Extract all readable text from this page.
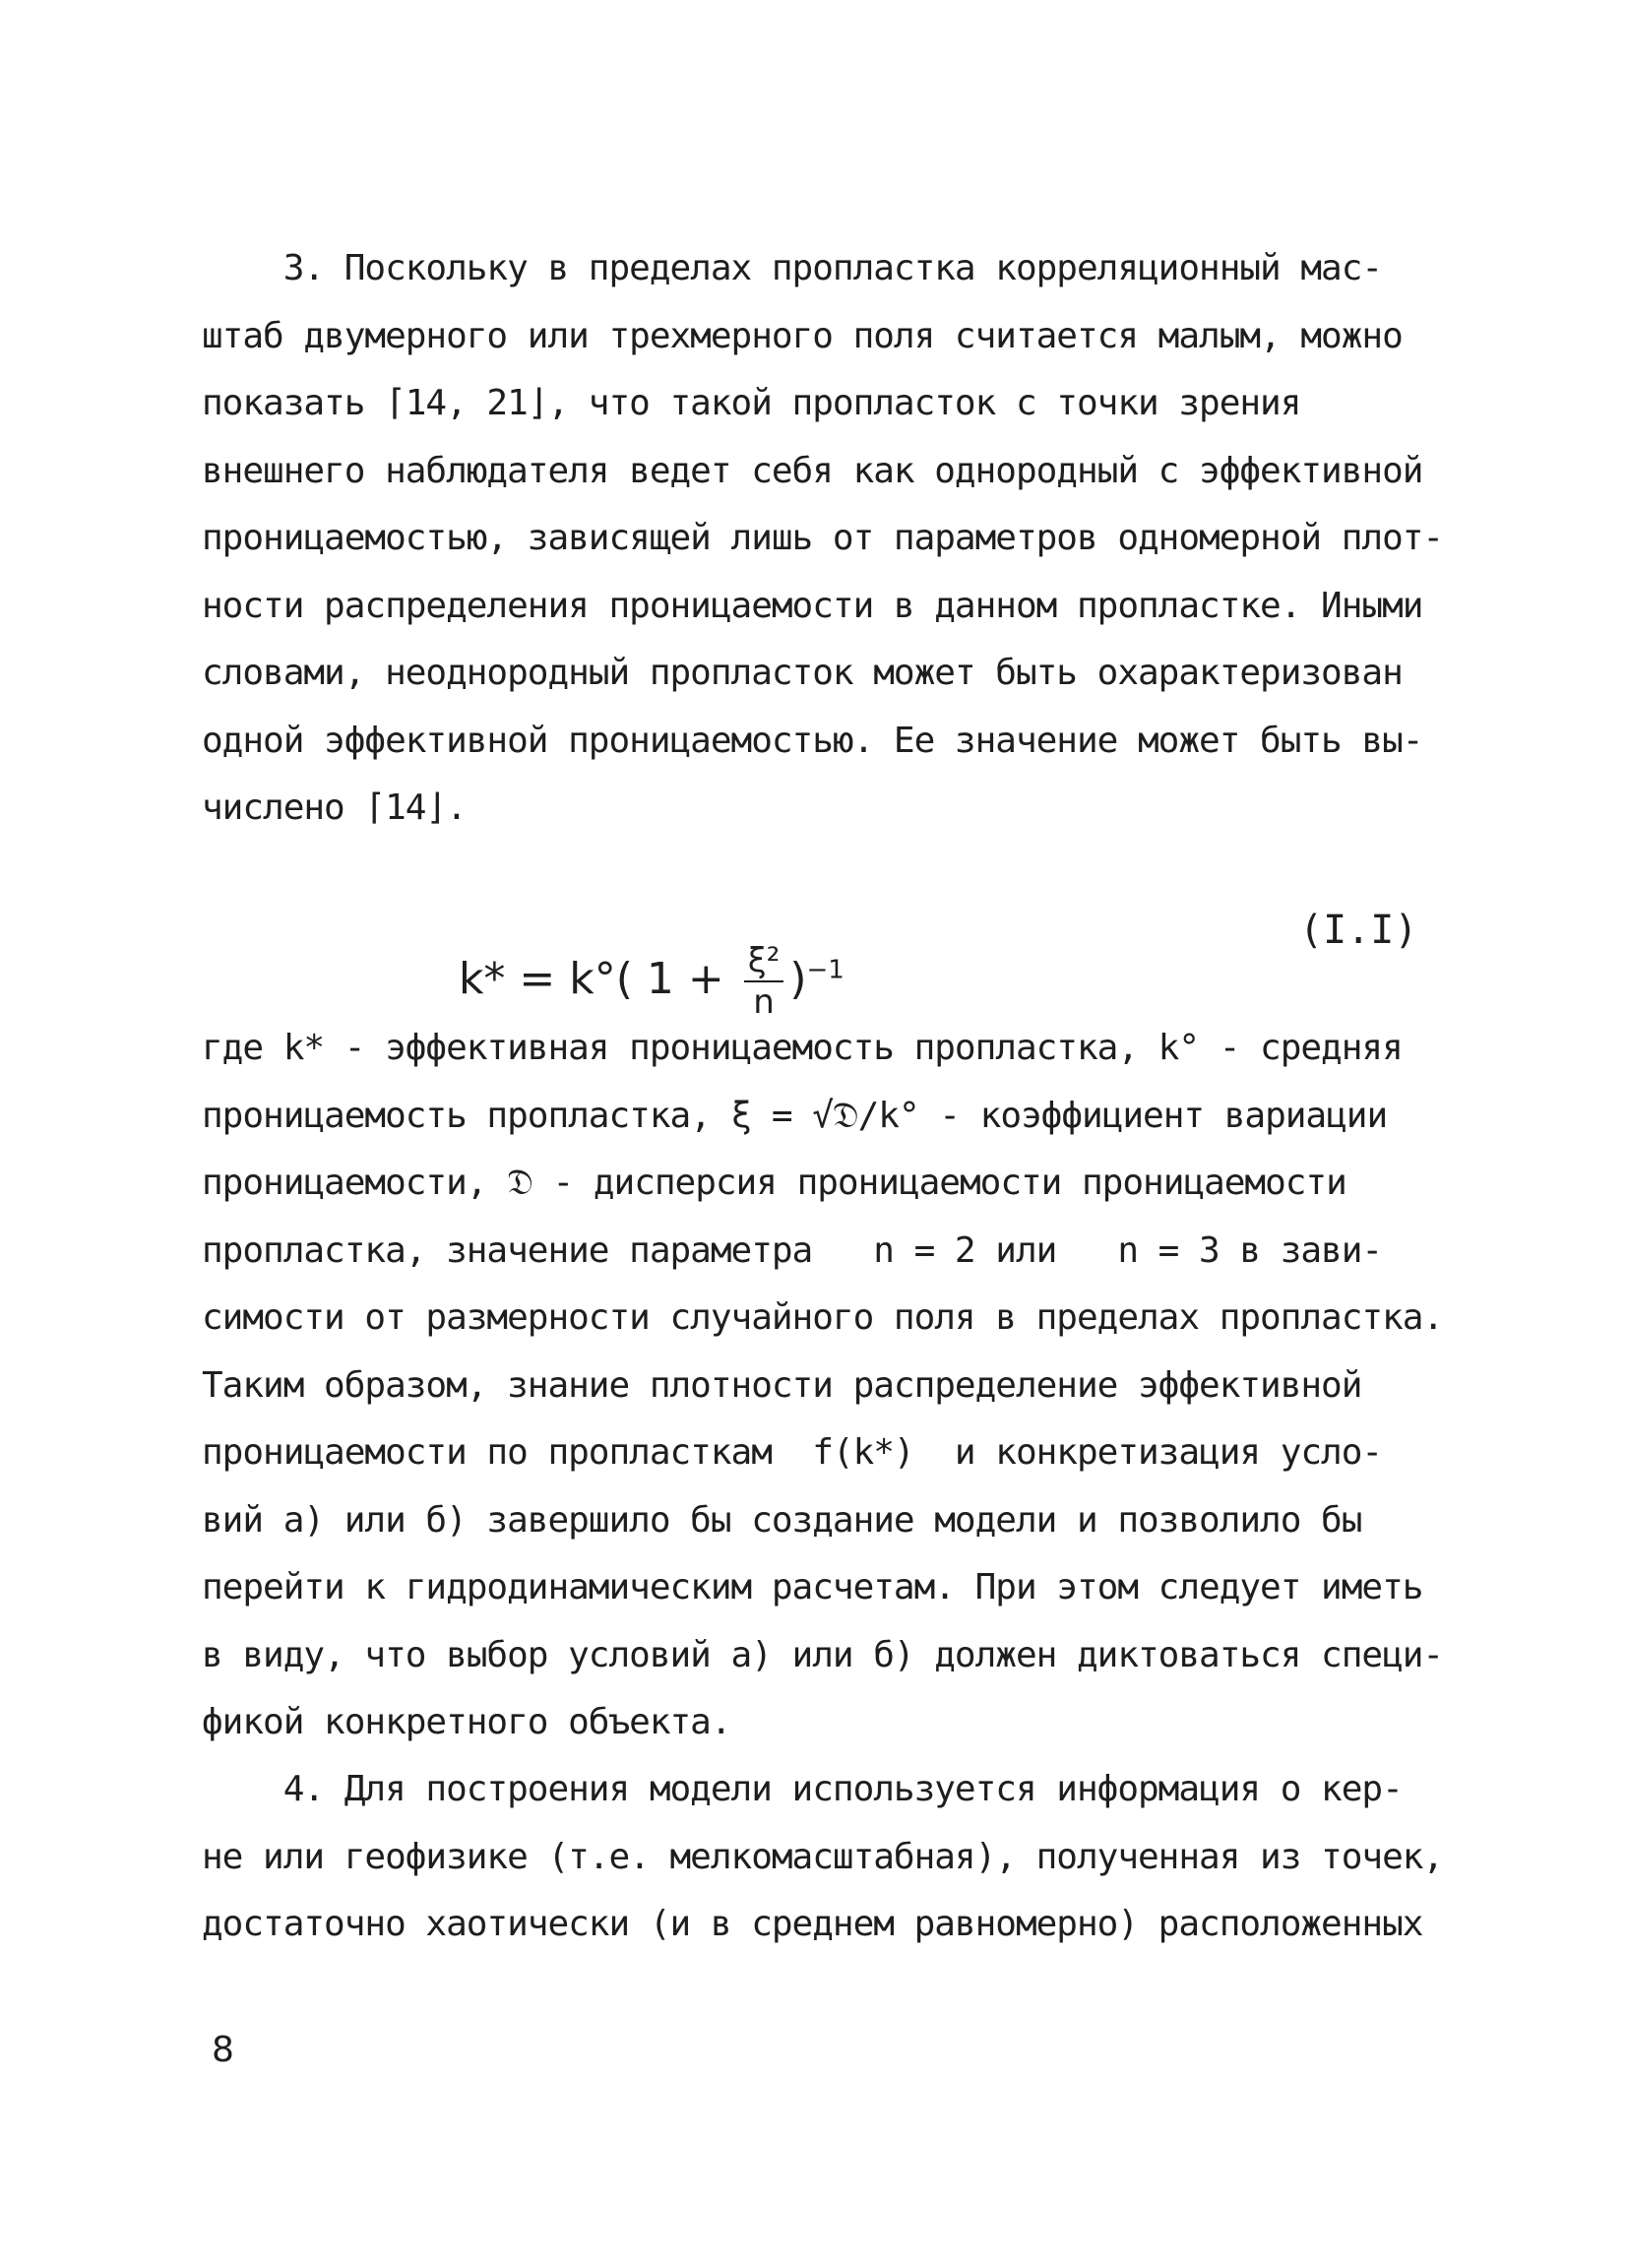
3. Поскольку в пределах пропластка корреляционный мас-
штаб двумерного или трехмерного поля считается малым, можно
показать ⌈14, 21⌋, что такой пропласток с точки зрения
внешнего наблюдателя ведет себя как однородный с эффективной
проницаемостью, зависящей лишь от параметров одномерной плот-
ности распределения проницаемости в данном пропластке. Иными
словами, неоднородный пропласток может быть охарактеризован
одной эффективной проницаемостью. Ее значение может быть вы-
числено ⌈14⌋.

k* = k°( $1 + \frac{\text{ξ²}}{n} )^{-1}$

(I.I)
где k* - эффективная проницаемость пропластка, k° - средняя
проницаемость пропластка, ξ = √𝔇/k° - коэффициент вариации
проницаемости, 𝔇 - дисперсия проницаемости проницаемости
пропластка, значение параметра   n = 2 или   n = 3 в зави-
симости от размерности случайного поля в пределах пропластка.
Таким образом, знание плотности распределение эффективной
проницаемости по пропласткам  f(k*)  и конкретизация усло-
вий а) или б) завершило бы создание модели и позволило бы
перейти к гидродинамическим расчетам. При этом следует иметь
в виду, что выбор условий а) или б) должен диктоваться специ-
фикой конкретного объекта.
4. Для построения модели используется информация о кер-
не или геофизике (т.е. мелкомасштабная), полученная из точек,
достаточно хаотически (и в среднем равномерно) расположенных
8
